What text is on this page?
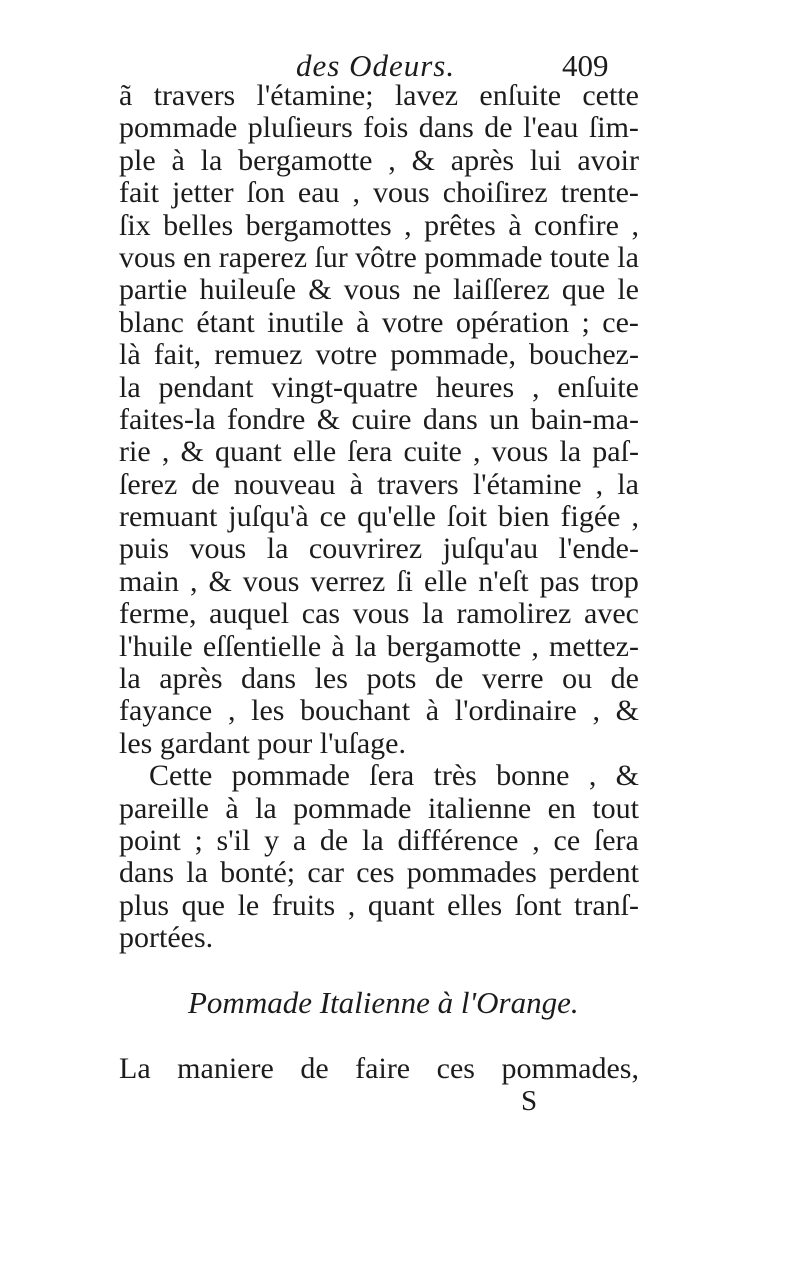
des Odeurs.	409
ã travers l'étamine; lavez enſuite cette
pommade pluſieurs fois dans de l'eau ſim-
ple à la bergamotte , & après lui avoir
fait jetter ſon eau , vous choiſirez trente-
ſix belles bergamottes , prêtes à confire ,
vous en raperez ſur vôtre pommade toute la
partie huileuſe & vous ne laiſſerez que le
blanc étant inutile à votre opération ; ce-
là fait, remuez votre pommade, bouchez-
la pendant vingt-quatre heures , enſuite
faites-la fondre & cuire dans un bain-ma-
rie , & quant elle ſera cuite , vous la paſ-
ſerez de nouveau à travers l'étamine , la
remuant juſqu'à ce qu'elle ſoit bien figée ,
puis vous la couvrirez juſqu'au l'ende-
main , & vous verrez ſi elle n'eſt pas trop
ferme, auquel cas vous la ramolirez avec
l'huile eſſentielle à la bergamotte , mettez-
la après dans les pots de verre ou de
fayance , les bouchant à l'ordinaire , &
les gardant pour l'uſage.
Cette pommade ſera très bonne , &
pareille à la pommade italienne en tout
point ; s'il y a de la différence , ce ſera
dans la bonté; car ces pommades perdent
plus que le fruits , quant elles ſont tranſ-
portées.
Pommade Italienne à l'Orange.
La maniere de faire ces pommades,
S
